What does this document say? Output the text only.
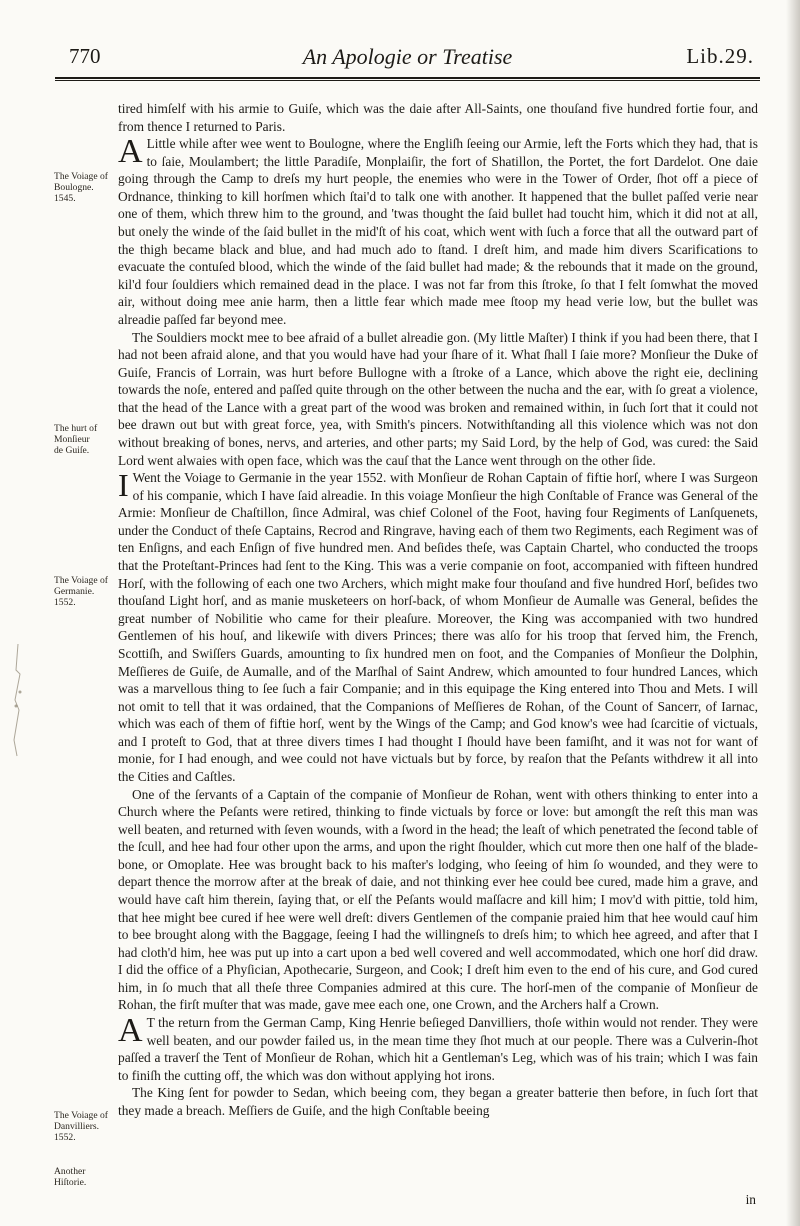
770	An Apologie or Treatise	Lib.29.
The Voiage of
Boulogne.
1545.
The hurt of
Monſieur
de Guiſe.
The Voiage of
Germanie.
1552.
The Voiage of
Danvilliers.
1552.
Another
Hiſtorie.

tired himſelf with his armie to Guiſe, which was the daie after All-Saints, one thouſand five hundred fortie four, and from thence I returned to Paris.

A Little while after wee went to Boulogne, where the Engliſh ſeeing our Armie, left the Forts which they had, that is to ſaie, Moulambert; the little Paradiſe, Monplaiſir, the fort of Shatillon, the Portet, the fort Dardelot. One daie going through the Camp to dreſs my hurt people, the enemies who were in the Tower of Order, ſhot off a piece of Ordnance, thinking to kill horſmen which ſtai'd to talk one with another. It happened that the bullet paſſed verie near one of them, which threw him to the ground, and 'twas thought the ſaid bullet had toucht him, which it did not at all, but onely the winde of the ſaid bullet in the mid'ſt of his coat, which went with ſuch a force that all the outward part of the thigh became black and blue, and had much ado to ſtand. I dreſt him, and made him divers Scarifications to evacuate the contuſed blood, which the winde of the ſaid bullet had made; & the rebounds that it made on the ground, kil'd four ſouldiers which remained dead in the place. I was not far from this ſtroke, ſo that I felt ſomwhat the moved air, without doing mee anie harm, then a little fear which made mee ſtoop my head verie low, but the bullet was alreadie paſſed far beyond mee.

The Souldiers mockt mee to bee afraid of a bullet alreadie gon. (My little Maſter) I think if you had been there, that I had not been afraid alone, and that you would have had your ſhare of it. What ſhall I ſaie more? Monſieur the Duke of Guiſe, Francis of Lorrain, was hurt before Bullogne with a ſtroke of a Lance, which above the right eie, declining towards the noſe, entered and paſſed quite through on the other between the nucha and the ear, with ſo great a violence, that the head of the Lance with a great part of the wood was broken and remained within, in ſuch ſort that it could not bee drawn out but with great force, yea, with Smith's pincers. Notwithſtanding all this violence which was not don without breaking of bones, nervs, and arteries, and other parts; my Said Lord, by the help of God, was cured: the Said Lord went alwaies with open face, which was the cauſ that the Lance went through on the other ſide.

I Went the Voiage to Germanie in the year 1552. with Monſieur de Rohan Captain of fiftie horſ, where I was Surgeon of his companie, which I have ſaid alreadie. In this voiage Monſieur the high Conſtable of France was General of the Armie: Monſieur de Chaſtillon, ſince Admiral, was chief Colonel of the Foot, having four Regiments of Lanſquenets, under the Conduct of theſe Captains, Recrod and Ringrave, having each of them two Regiments, each Regiment was of ten Enſigns, and each Enſign of five hundred men. And beſides theſe, was Captain Chartel, who conducted the troops that the Proteſtant-Princes had ſent to the King. This was a verie companie on foot, accompanied with fifteen hundred Horſ, with the following of each one two Archers, which might make four thouſand and five hundred Horſ, beſides two thouſand Light horſ, and as manie musketeers on horſ-back, of whom Monſieur de Aumalle was General, beſides the great number of Nobilitie who came for their pleaſure. Moreover, the King was accompanied with two hundred Gentlemen of his houſ, and likewiſe with divers Princes; there was alſo for his troop that ſerved him, the French, Scottiſh, and Swiſſers Guards, amounting to ſix hundred men on foot, and the Companies of Monſieur the Dolphin, Meſſieres de Guiſe, de Aumalle, and of the Marſhal of Saint Andrew, which amounted to four hundred Lances, which was a marvellous thing to ſee ſuch a fair Companie; and in this equipage the King entered into Thou and Mets. I will not omit to tell that it was ordained, that the Companions of Meſſieres de Rohan, of the Count of Sancerr, of Iarnac, which was each of them of fiftie horſ, went by the Wings of the Camp; and God know's wee had ſcarcitie of victuals, and I proteſt to God, that at three divers times I had thought I ſhould have been famiſht, and it was not for want of monie, for I had enough, and wee could not have victuals but by force, by reaſon that the Peſants withdrew it all into the Cities and Caſtles.

One of the ſervants of a Captain of the companie of Monſieur de Rohan, went with others thinking to enter into a Church where the Peſants were retired, thinking to finde victuals by force or love: but amongſt the reſt this man was well beaten, and returned with ſeven wounds, with a ſword in the head; the leaſt of which penetrated the ſecond table of the ſcull, and hee had four other upon the arms, and upon the right ſhoulder, which cut more then one half of the blade-bone, or Omoplate. Hee was brought back to his maſter's lodging, who ſeeing of him ſo wounded, and they were to depart thence the morrow after at the break of daie, and not thinking ever hee could bee cured, made him a grave, and would have caſt him therein, ſaying that, or elſ the Peſants would maſſacre and kill him; I mov'd with pittie, told him, that hee might bee cured if hee were well dreſt: divers Gentlemen of the companie praied him that hee would cauſ him to bee brought along with the Baggage, ſeeing I had the willingneſs to dreſs him; to which hee agreed, and after that I had cloth'd him, hee was put up into a cart upon a bed well covered and well accommodated, which one horſ did draw. I did the office of a Phyſician, Apothecarie, Surgeon, and Cook; I dreſt him even to the end of his cure, and God cured him, in ſo much that all theſe three Companies admired at this cure. The horſ-men of the companie of Monſieur de Rohan, the firſt muſter that was made, gave mee each one, one Crown, and the Archers half a Crown.

A T the return from the German Camp, King Henrie beſieged Danvilliers, thoſe within would not render. They were well beaten, and our powder failed us, in the mean time they ſhot much at our people. There was a Culverin-ſhot paſſed a traverſ the Tent of Monſieur de Rohan, which hit a Gentleman's Leg, which was of his train; which I was fain to finiſh the cutting off, the which was don without applying hot irons.

The King ſent for powder to Sedan, which beeing com, they began a greater batterie then before, in ſuch ſort that they made a breach. Meſſiers de Guiſe, and the high Conſtable beeing

in
